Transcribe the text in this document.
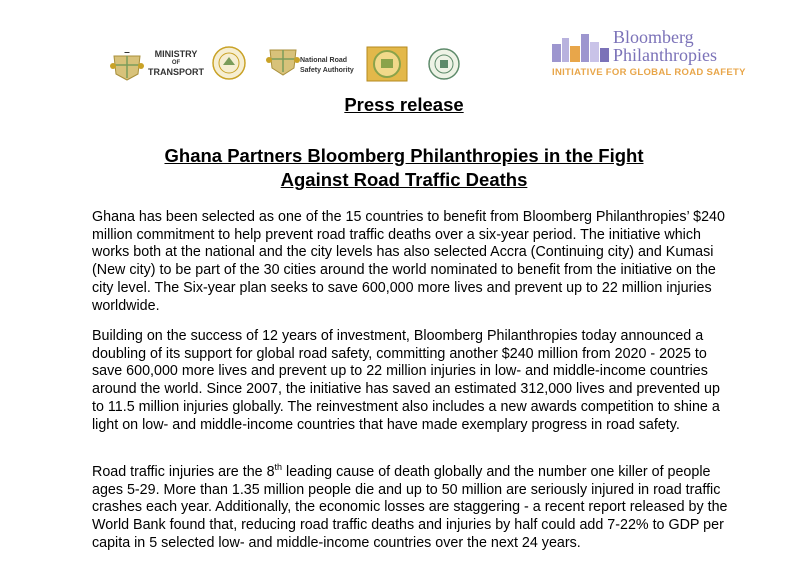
MINISTRY
OF
TRANSPORT
National Road
Safety Authority
Bloomberg
Philanthropies
INITIATIVE FOR GLOBAL ROAD SAFETY
Press release
Ghana Partners Bloomberg Philanthropies in the Fight
Against Road Traffic Deaths

Ghana has been selected as one of the 15 countries to benefit from Bloomberg Philanthropies’ $240 million commitment to help prevent road traffic deaths over a six-year period. The initiative which works both at the national and the city levels has also selected Accra (Continuing city) and Kumasi (New city) to be part of the 30 cities around the world nominated to benefit from the initiative on the city level. The Six-year plan seeks to save 600,000 more lives and prevent up to 22 million injuries worldwide.

Building on the success of 12 years of investment, Bloomberg Philanthropies today announced a doubling of its support for global road safety, committing another $240 million from 2020 - 2025 to save 600,000 more lives and prevent up to 22 million injuries in low- and middle-income countries around the world. Since 2007, the initiative has saved an estimated 312,000 lives and prevented up to 11.5 million injuries globally. The reinvestment also includes a new awards competition to shine a light on low- and middle-income countries that have made exemplary progress in road safety.

Road traffic injuries are the 8th leading cause of death globally and the number one killer of people ages 5-29. More than 1.35 million people die and up to 50 million are seriously injured in road traffic crashes each year. Additionally, the economic losses are staggering - a recent report released by the World Bank found that, reducing road traffic deaths and injuries by half could add 7-22% to GDP per capita in 5 selected low- and middle-income countries over the next 24 years.
